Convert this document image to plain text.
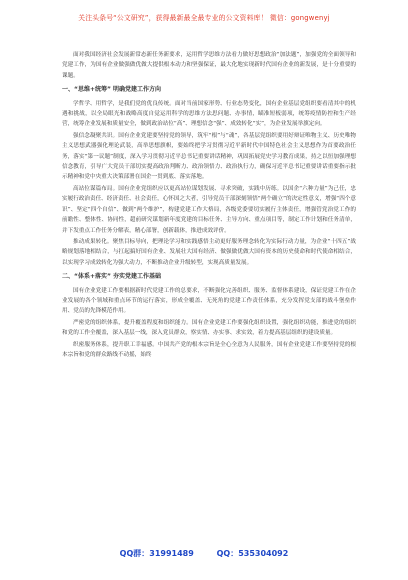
关注头条号“公文研究”，获得最新最全最专业的公文资料库！ 微信：gongwenyj

面对我国经济社会发展新常态新任务新要求，运用哲学思维方法看力做好思想政治“加法题”，加强党的全面领导和党建工作，为国有企业做强做优做大提供根本动力和坚强保证，最大化地实现新时代国有企业的新发展，是十分重要的课题。

一、“思维+统筹” 明确党建工作方向

学哲学、用哲学，是我们党的优良传统。面对当前国家形势、行业态势变化，国有企业基层党组织要看清其中的机遇和挑战，以全局眼光和战略高度自觉运用科学的思维方法思问题、办事情，瞄准短板弱项，统筹疫情防控和生产经营，统筹企业发展和质量安全，做到政治站位“高”、理想信念“强”、成效转化“实”，为企业发展举旗定向。

强信念凝聚共识。国有企业党建要坚持党的领导，筑牢“根”与“魂”，各基层党组织要用好辩证唯物主义、历史唯物主义思想武器强化理论武装，高举思想旗帜，要始终把学习贯彻习近平新时代中国特色社会主义思想作为首要政治任务，落实“第一议题”制度，深入学习贯彻习近平总书记重要讲话精神，巩固拓展党史学习教育成果，持之以恒加强理想信念教育，引导广大党员干部切实提高政治判断力、政治领悟力、政治执行力，确保习近平总书记重要讲话重要指示批示精神和党中央重大决策部署在国企一贯到底、落实落地。

高站位谋篇布局。国有企业党组织应以更高站位谋划发展、寻求突破，实践中历练。以国企“六种力量”为己任，忠实履行政治责任、经济责任、社会责任，心怀国之大者，引导党员干部深刻领悟“两个确立”的决定性意义，增强“四个意识”、坚定“四个自信”、做到“两个维护”，构建党建工作大格局，各级党委要切实履行主体责任，增强管党治党工作的前瞻性、整体性、协同性，超前研究谋划新年度党建的目标任务、主导方向、重点项目等，制定工作计划和任务清单，并下发重点工作任务分解表，精心部署，创新载体，推进成效评价。

推动成果转化。聚焦目标导向，把理论学习和实践感悟主动更好服务理念转化为实际行动力量，为企业“十四五”战略规划落地相结合，与扛起搞好国有企业、发展壮大国有经济、做强做优做大国有资本的历史使命和时代使命相结合，以实现学习成效转化为强大动力，不断推动企业升级转型，实现高质量发展。

二、“体系+落实” 夯实党建工作基础

国有企业党建工作要根据新时代党建工作的总要求，不断强化完善组织、服务、监督体系建设，保证党建工作在企业发展的各个领域和重点环节的运行落实，形成全覆盖、无死角的党建工作责任体系，充分发挥党支部的战斗堡垒作用、党员的先锋模范作用。

严密党的组织体系，提升覆盖程度和组织能力。国有企业党建工作要强化组织设置，强化组织功能，推进党的组织和党的工作全覆盖，深入基层一线，深入党员群众，察实情、办实事、求实效，着力提高基层组织的建设质量。

织密服务体系，提升职工幸福感。中国共产党的根本宗旨是全心全意为人民服务，国有企业党建工作要坚持党的根本宗旨和党的群众路线不动摇，始终

QQ群：31991489	QQ：535304092
